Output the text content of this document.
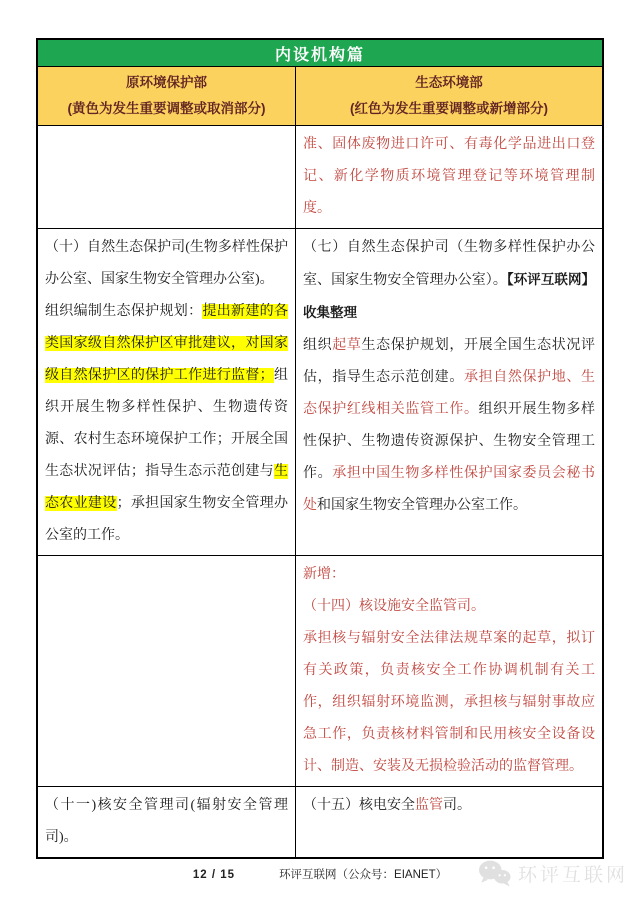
内设机构篇
原环境保护部
(黄色为发生重要调整或取消部分)
生态环境部
(红色为发生重要调整或新增部分)

准、固体废物进口许可、有毒化学品进出口登记、新化学物质环境管理登记等环境管理制度。

（十）自然生态保护司(生物多样性保护办公室、国家生物安全管理办公室)。

组织编制生态保护规划：提出新建的各类国家级自然保护区审批建议，对国家级自然保护区的保护工作进行监督；组织开展生物多样性保护、生物遗传资源、农村生态环境保护工作；开展全国生态状况评估；指导生态示范创建与生态农业建设；承担国家生物安全管理办公室的工作。

（七）自然生态保护司（生物多样性保护办公室、国家生物安全管理办公室）。【环评互联网】收集整理

组织起草生态保护规划，开展全国生态状况评估，指导生态示范创建。承担自然保护地、生态保护红线相关监管工作。组织开展生物多样性保护、生物遗传资源保护、生物安全管理工作。承担中国生物多样性保护国家委员会秘书处和国家生物安全管理办公室工作。

新增：

（十四）核设施安全监管司。

承担核与辐射安全法律法规草案的起草，拟订有关政策，负责核安全工作协调机制有关工作，组织辐射环境监测，承担核与辐射事故应急工作，负责核材料管制和民用核安全设备设计、制造、安装及无损检验活动的监督管理。

（十一)核安全管理司(辐射安全管理司)。

（十五）核电安全监管司。

12 / 15	环评互联网（公众号：EIANET）	环评互联网
